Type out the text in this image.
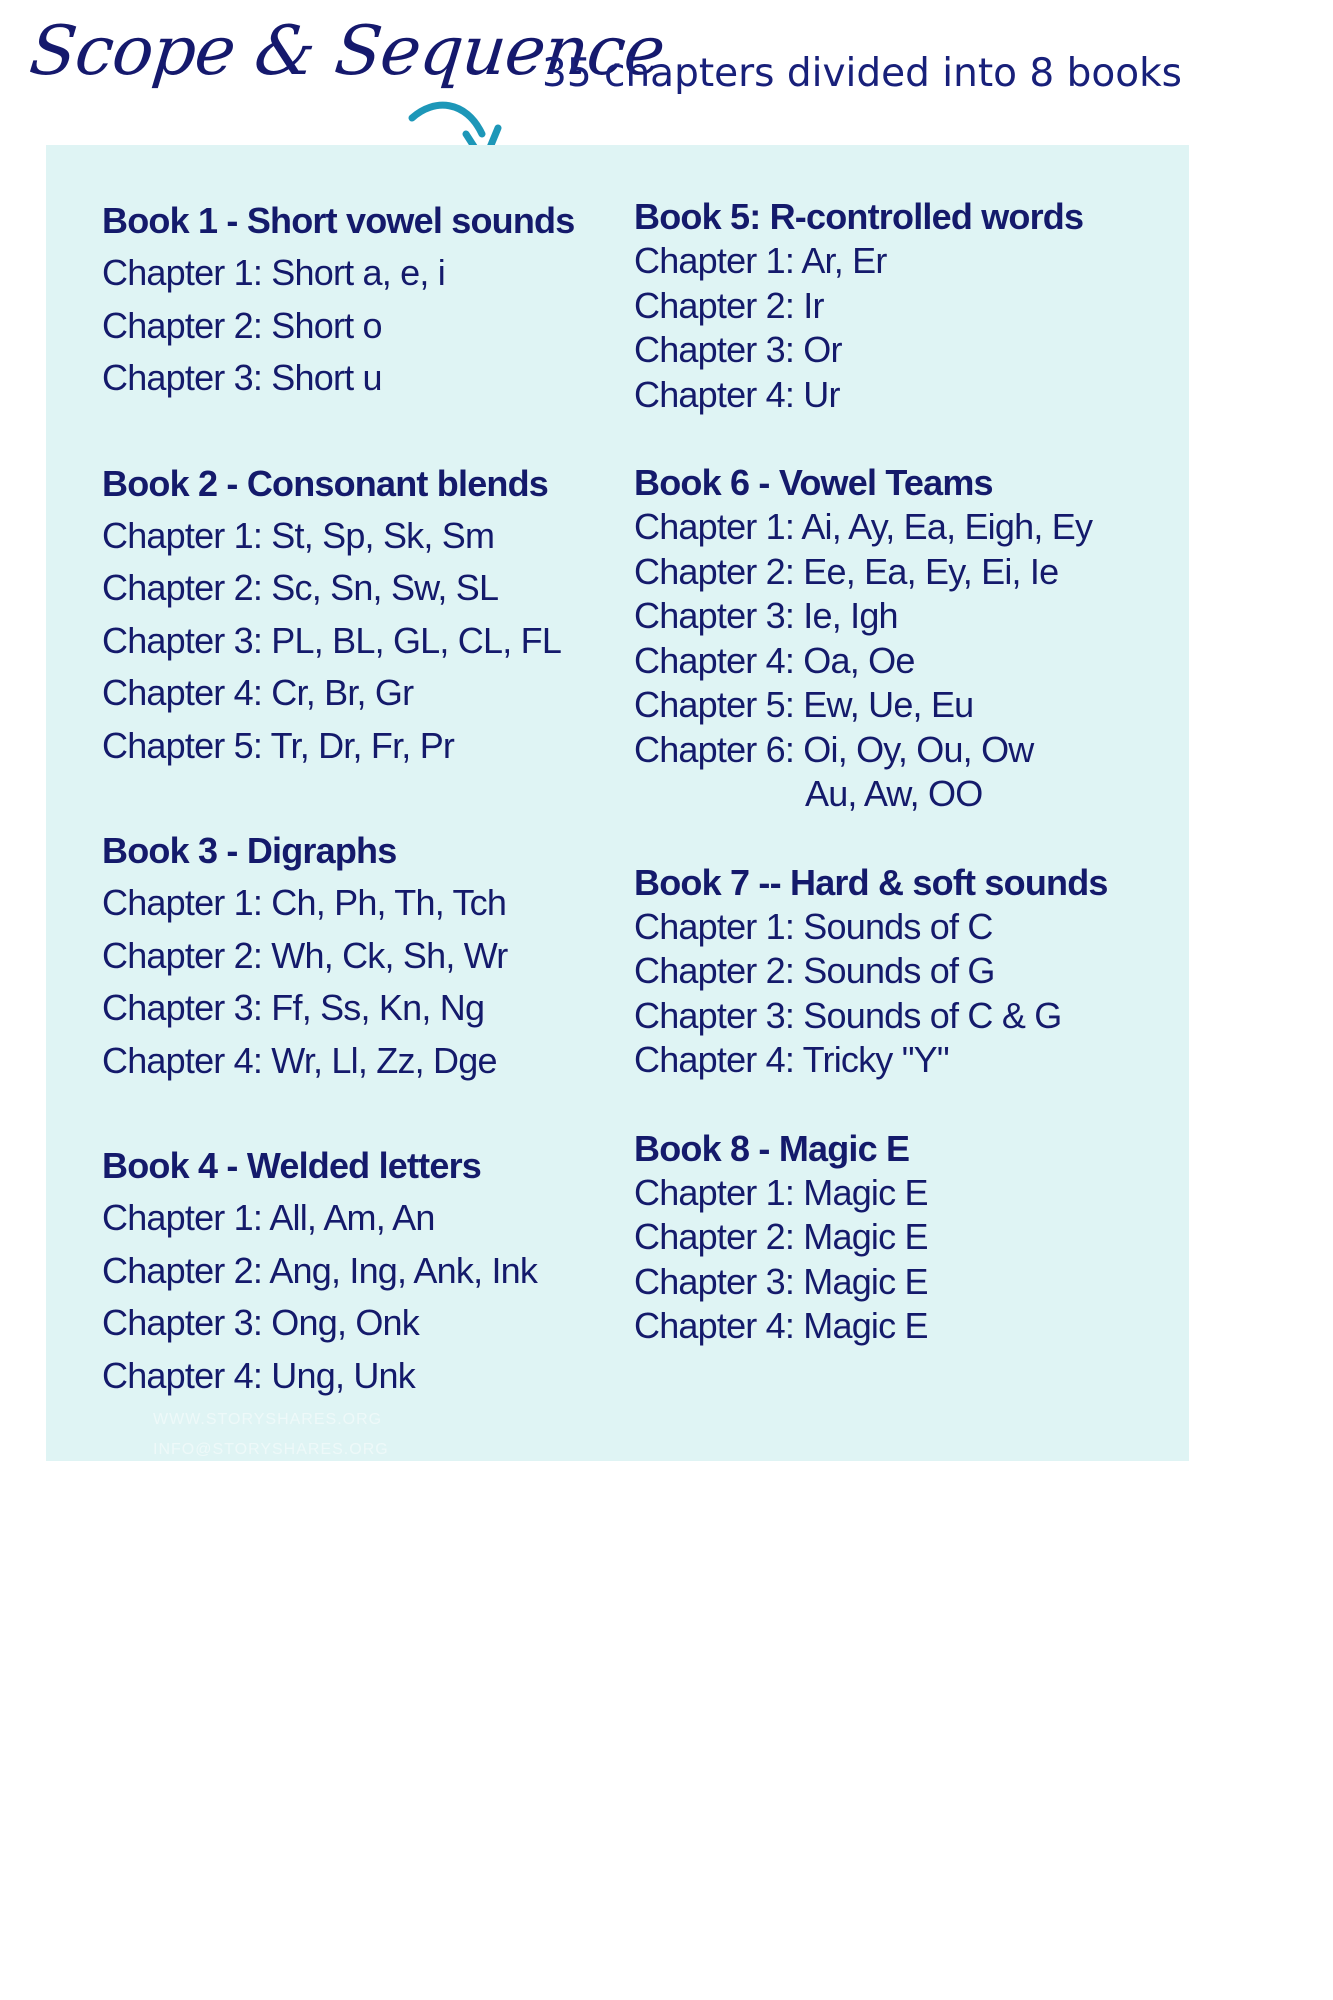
Scope & Sequence
35 chapters divided into 8 books
Book 1 - Short vowel sounds
Chapter 1: Short a, e, i
Chapter 2: Short o
Chapter 3: Short u
Book 2 - Consonant blends
Chapter 1: St, Sp, Sk, Sm
Chapter 2: Sc, Sn, Sw, SL
Chapter 3: PL, BL, GL, CL, FL
Chapter 4: Cr, Br, Gr
Chapter 5: Tr, Dr, Fr, Pr
Book 3 - Digraphs
Chapter 1: Ch, Ph, Th, Tch
Chapter 2: Wh, Ck, Sh, Wr
Chapter 3: Ff, Ss, Kn, Ng
Chapter 4: Wr, Ll, Zz, Dge
Book 4 - Welded letters
Chapter 1: All, Am, An
Chapter 2: Ang, Ing, Ank, Ink
Chapter 3: Ong, Onk
Chapter 4: Ung, Unk
Book 5: R-controlled words
Chapter 1: Ar, Er
Chapter 2: Ir
Chapter 3: Or
Chapter 4: Ur
Book 6 - Vowel Teams
Chapter 1: Ai, Ay, Ea, Eigh, Ey
Chapter 2: Ee, Ea, Ey, Ei, Ie
Chapter 3: Ie, Igh
Chapter 4: Oa, Oe
Chapter 5: Ew, Ue, Eu
Chapter 6: Oi, Oy, Ou, Ow
Au, Aw, OO
Book 7 -- Hard & soft sounds
Chapter 1: Sounds of C
Chapter 2: Sounds of G
Chapter 3: Sounds of C & G
Chapter 4: Tricky "Y"
Book 8 - Magic E
Chapter 1: Magic E
Chapter 2: Magic E
Chapter 3: Magic E
Chapter 4: Magic E
WWW.STORYSHARES.ORG
INFO@STORYSHARES.ORG
